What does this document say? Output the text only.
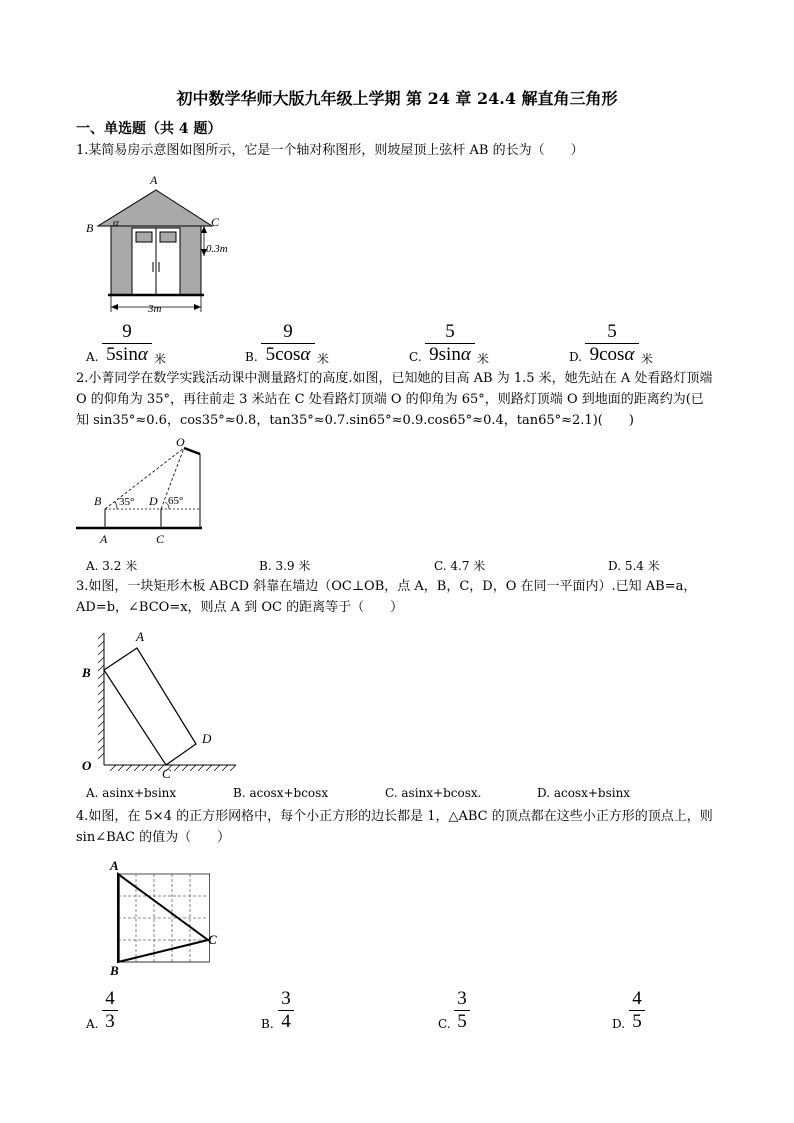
初中数学华师大版九年级上学期 第 24 章 24.4 解直角三角形
一、单选题（共 4 题）
1.某简易房示意图如图所示，它是一个轴对称图形，则坡屋顶上弦杆 AB 的长为（　　）
A
B	C
α
0.3m
3m
A.
9
5sinα 米	B.
9
5cosα 米	C.
5
9sinα 米	D.
5
9cosα 米
2.小菁同学在数学实践活动课中测量路灯的高度.如图，已知她的目高 AB 为 1.5 米，她先站在 A 处看路灯顶端 O 的仰角为 35°，再往前走 3 米站在 C 处看路灯顶端 O 的仰角为 65°，则路灯顶端 O 到地面的距离约为(已知 sin35°≈0.6，cos35°≈0.8，tan35°≈0.7.sin65°≈0.9.cos65°≈0.4，tan65°≈2.1)(　　)
O
B 35° D 65°
A	C
A. 3.2 米	B. 3.9 米	C. 4.7 米	D. 5.4 米
3.如图，一块矩形木板 ABCD 斜靠在墙边（OC⊥OB，点 A，B，C，D，O 在同一平面内）.已知 AB=a，AD=b，∠BCO=x，则点 A 到 OC 的距离等于（　　）
A
B
D
O
C
A. asinx+bsinx	B. acosx+bcosx	C. asinx+bcosx.	D. acosx+bsinx
4.如图，在 5×4 的正方形网格中，每个小正方形的边长都是 1，△ABC 的顶点都在这些小正方形的顶点上，则 sin∠BAC 的值为（　　）
A
B
C
A.
4
3	B.
3
4	C.
3
5	D.
4
5
